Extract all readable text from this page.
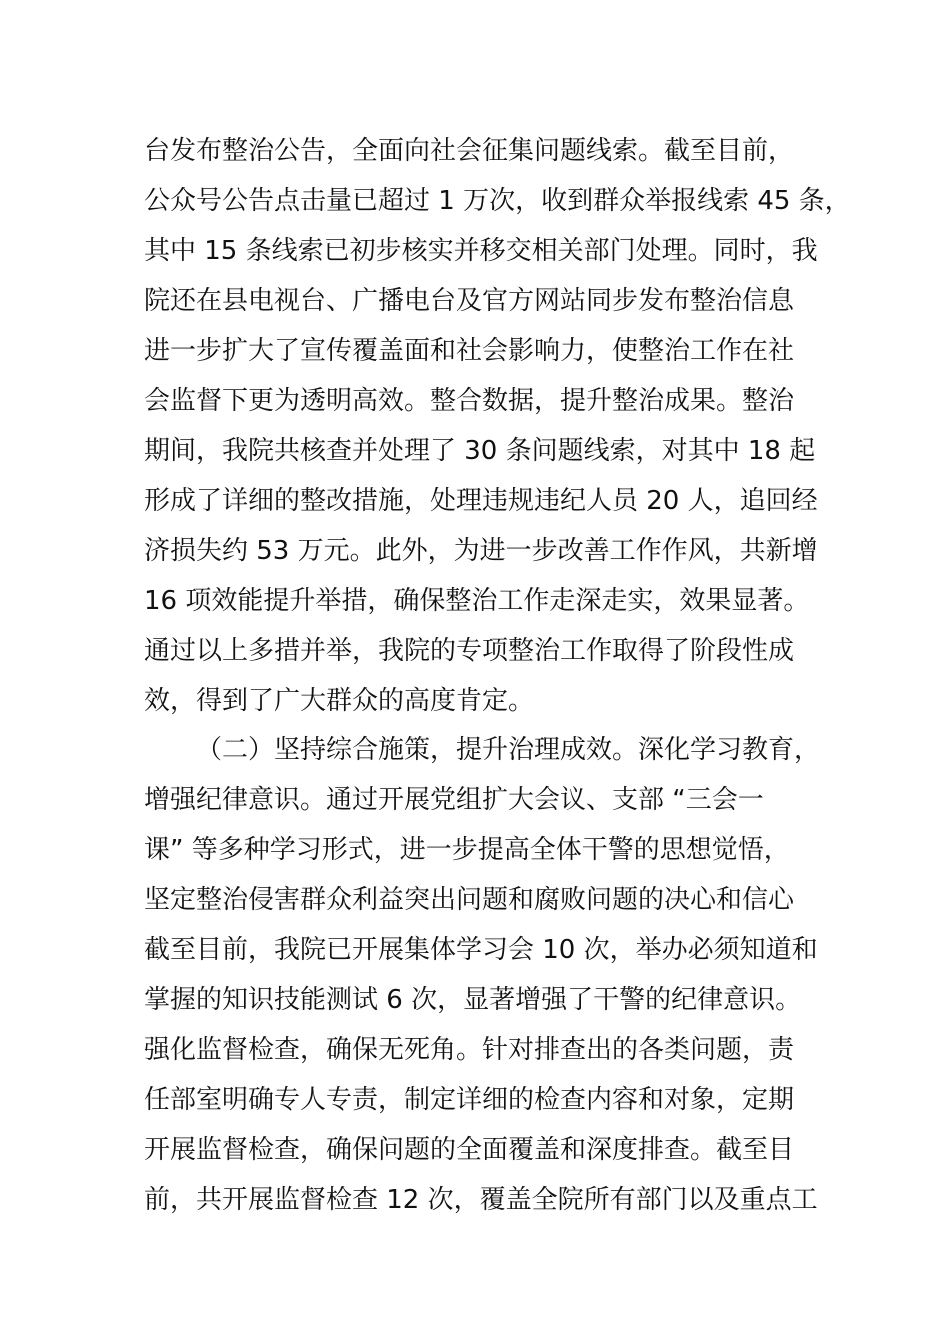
台发布整治公告，全面向社会征集问题线索。截至目前，
公众号公告点击量已超过 1 万次，收到群众举报线索 45 条，
其中 15 条线索已初步核实并移交相关部门处理。同时，我
院还在县电视台、广播电台及官方网站同步发布整治信息
进一步扩大了宣传覆盖面和社会影响力，使整治工作在社
会监督下更为透明高效。整合数据，提升整治成果。整治
期间，我院共核查并处理了 30 条问题线索，对其中 18 起
形成了详细的整改措施，处理违规违纪人员 20 人，追回经
济损失约 53 万元。此外，为进一步改善工作作风，共新增
16 项效能提升举措，确保整治工作走深走实，效果显著。
通过以上多措并举，我院的专项整治工作取得了阶段性成
效，得到了广大群众的高度肯定。
（二）坚持综合施策，提升治理成效。深化学习教育，
增强纪律意识。通过开展党组扩大会议、支部 “三会一
课” 等多种学习形式，进一步提高全体干警的思想觉悟，
坚定整治侵害群众利益突出问题和腐败问题的决心和信心
截至目前，我院已开展集体学习会 10 次，举办必须知道和
掌握的知识技能测试 6 次，显著增强了干警的纪律意识。
强化监督检查，确保无死角。针对排查出的各类问题，责
任部室明确专人专责，制定详细的检查内容和对象，定期
开展监督检查，确保问题的全面覆盖和深度排查。截至目
前，共开展监督检查 12 次，覆盖全院所有部门以及重点工
